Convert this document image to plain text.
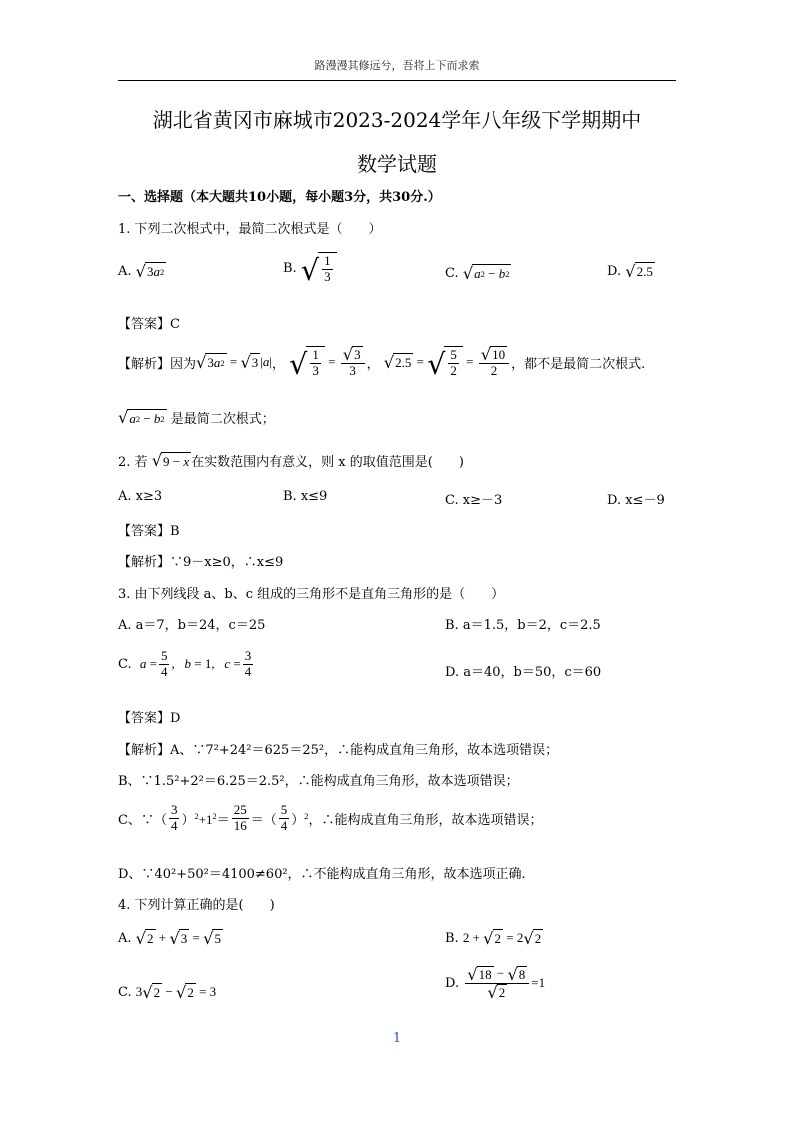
路漫漫其修远兮，吾将上下而求索
湖北省黄冈市麻城市2023-2024学年八年级下学期期中
数学试题
一、选择题（本大题共10小题，每小题3分，共30分.）
1. 下列二次根式中，最简二次根式是（　　）
A.
√ 3 a 2	B.
√ $\frac{1}{3}$	C.
√ a 2 − b 2	D.
√ 2.5
【答案】C
【解析】因为 √ 3 a 2 = √ 3 |a| ， √ $\frac{1}{3} = \frac{√ 3}{3}$ ， √ 2.5 = √ $\frac{5}{2} = \frac{√ 10}{2}$ ，都不是最简二次根式.
√ a 2 − b 2
是最简二次根式；
2. 若
√ 9 − x 在实数范围内有意义，则 x 的取值范围是(　　)
A. x≥3	B. x≤9	C. x≥－3	D. x≤－9
【答案】B
【解析】∵9－x≥0，∴x≤9
3. 由下列线段 a、b、c 组成的三角形不是直角三角形的是（　　）
A. a＝7，b＝24，c＝25	B. a＝1.5，b＝2，c＝2.5
C.
$a = \frac{5}{4}$ ,   b = 1,   $c = \frac{3}{4}$	D. a＝40，b＝50，c＝60
【答案】D
【解析】A、∵7²+24²＝625＝25²，∴能构成直角三角形，故本选项错误；
B、∵1.5²+2²＝6.25＝2.5²，∴能构成直角三角形，故本选项错误；
C、∵（ $\frac{3}{4} )^2+1^2= \frac{25}{16}$ ＝（ $\frac{5}{4} )^2$ ，∴能构成直角三角形，故本选项错误；
D、∵40²+50²＝4100≠60²，∴不能构成直角三角形，故本选项正确.
4. 下列计算正确的是(　　)
A.
√ 2 + √ 3 = √ 5	B.
2 + √ 2 = 2 √ 2
C.
3 √ 2 − √ 2 = 3
D.
$\frac{√ 18 - √ 8}{√ 2} =1$
1
